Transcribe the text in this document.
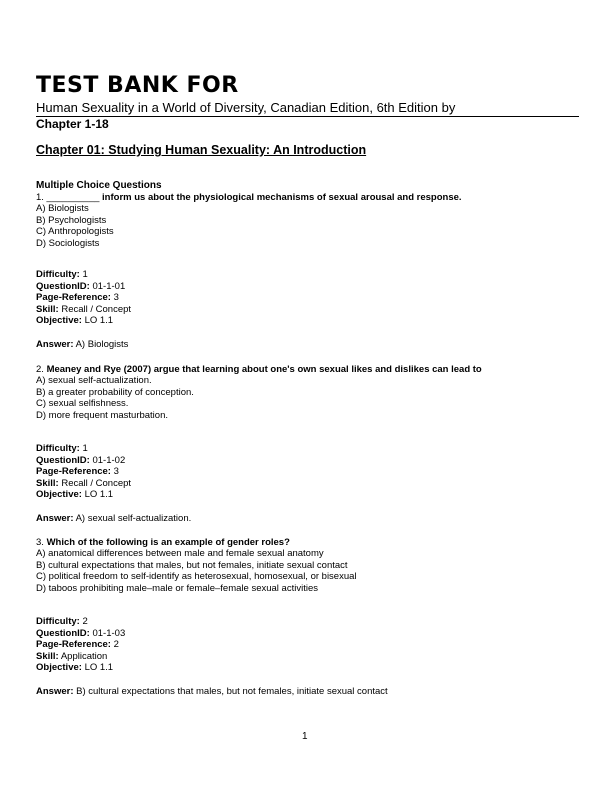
TEST BANK FOR
Human Sexuality in a World of Diversity, Canadian Edition, 6th Edition by
Chapter 1-18
Chapter 01: Studying Human Sexuality: An Introduction
Multiple Choice Questions
1. __________ inform us about the physiological mechanisms of sexual arousal and response.
A) Biologists
B) Psychologists
C) Anthropologists
D) Sociologists
Difficulty: 1
QuestionID: 01-1-01
Page-Reference: 3
Skill: Recall / Concept
Objective: LO 1.1
Answer: A) Biologists
2. Meaney and Rye (2007) argue that learning about one's own sexual likes and dislikes can lead to
A) sexual self-actualization.
B) a greater probability of conception.
C) sexual selfishness.
D) more frequent masturbation.
Difficulty: 1
QuestionID: 01-1-02
Page-Reference: 3
Skill: Recall / Concept
Objective: LO 1.1
Answer: A) sexual self-actualization.
3. Which of the following is an example of gender roles?
A) anatomical differences between male and female sexual anatomy
B) cultural expectations that males, but not females, initiate sexual contact
C) political freedom to self-identify as heterosexual, homosexual, or bisexual
D) taboos prohibiting male–male or female–female sexual activities
Difficulty: 2
QuestionID: 01-1-03
Page-Reference: 2
Skill: Application
Objective: LO 1.1
Answer: B) cultural expectations that males, but not females, initiate sexual contact
1
